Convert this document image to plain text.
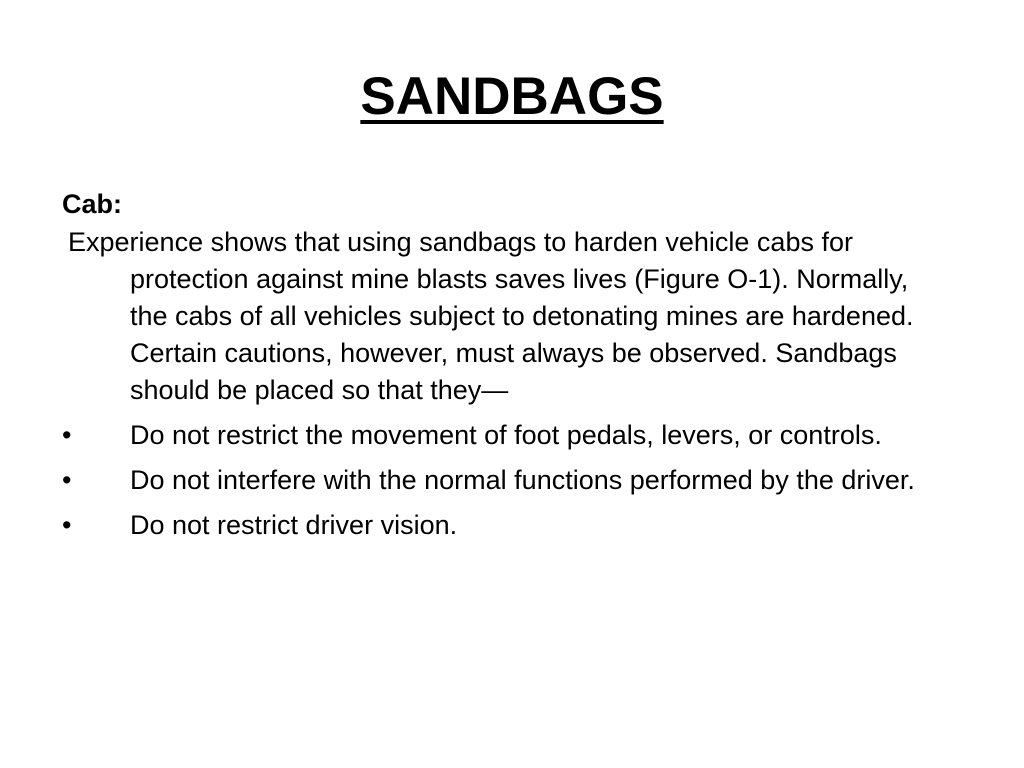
SANDBAGS
Cab:

Experience shows that using sandbags to harden vehicle cabs for protection against mine blasts saves lives (Figure O-1). Normally, the cabs of all vehicles subject to detonating mines are hardened. Certain cautions, however, must always be observed. Sandbags should be placed so that they—

• Do not restrict the movement of foot pedals, levers, or controls.
• Do not interfere with the normal functions performed by the driver.
• Do not restrict driver vision.
